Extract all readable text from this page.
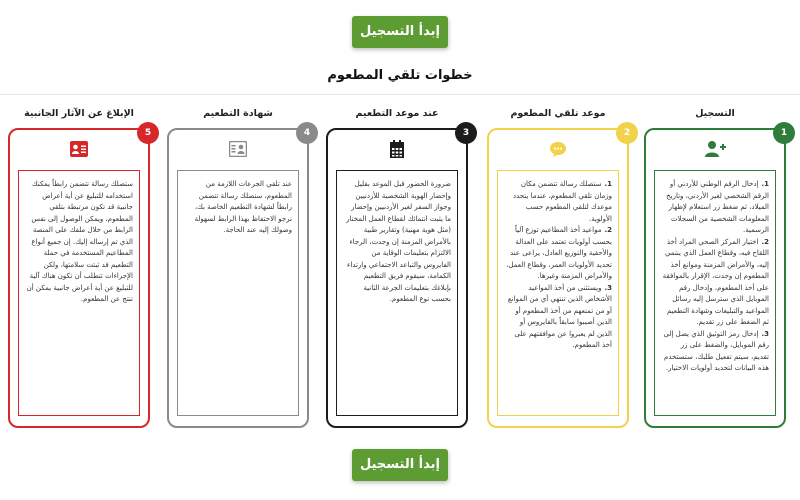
إبدأ التسجيل
خطوات تلقي المطعوم
التسجيل
1
1.إدخال الرقم الوطني للأردني أو الرقم الشخصي لغير الأردني، وتاريخ الميلاد، ثم ضغط زر استعلام لإظهار المعلومات الشخصية من السجلات الرسمية.
2.اختيار المركز الصحي المراد أخذ اللقاح فيه، وقطاع العمل الذي ينتمي إليه، والأمراض المزمنة وموانع أخذ المطعوم إن وجدت، الإقرار بالموافقة على أخذ المطعوم، وإدخال رقم الموبايل الذي سترسل إليه رسائل المواعيد والتبليغات وشهادة التطعيم ثم الضغط على زر تقديم.
3.إدخال رمز التوثيق الذي يصل إلى رقم الموبايل، والضغط على زر تقديم، سيتم تفعيل طلبك، ستستخدم هذه البيانات لتحديد أولويات الاختيار.
موعد تلقي المطعوم
2
1.ستصلك رسالة تتضمن مكان وزمان تلقي المطعوم، عندما يتحدد موعدك لتلقي المطعوم حسب الأولوية.
2.مواعيد أخذ المطاعيم توزع آلياً بحسب أولويات تعتمد على العدالة والأحقية والتوزيع العادل، يراعى عند تحديد الأولويات العمر، وقطاع العمل، والأمراض المزمنة وغيرها.
3.ويستثنى من أخذ المواعيد الأشخاص الذين تنتهي أي من الموانع أو من تمنعهم من أخذ المطعوم أو الذين أصيبوا سابقاً بالفايروس أو الذين لم يعبروا عن موافقتهم على أخذ المطعوم.
عند موعد التطعيم
3

ضرورة الحضور قبل الموعد بقليل وإحضار الهوية الشخصية للأردنيين وجواز السفر لغير الأردنيين وإحضار ما يثبت انتمائك لقطاع العمل المختار (مثل هوية مهنية) وتقارير طبية بالأمراض المزمنة إن وجدت، الرجاء الالتزام بتعليمات الوقاية من الفايروس والتباعد الاجتماعي وارتداء الكمامة، سيقوم فريق التطعيم بإبلاغك بتعليمات الجرعة الثانية بحسب نوع المطعوم.

شهادة التطعيم
4

عند تلقي الجرعات اللازمة من المطعوم، ستصلك رسالة تتضمن رابطاً لشهادة التطعيم الخاصة بك، نرجو الاحتفاظ بهذا الرابط لسهولة وصولك إليه عند الحاجة.

الإبلاغ عن الآثار الجانبية
5

ستصلك رسالة تتضمن رابطاً يمكنك استخدامه للتبليغ عن أية أعراض جانبية قد تكون مرتبطة بتلقي المطعوم، ويمكن الوصول إلى نفس الرابط من خلال ملفك على المنصة الذي تم إرساله إليك. إن جميع أنواع المطاعيم المستخدمة في حملة التطعيم قد ثبتت سلامتها، ولكن الإجراءات تتطلب أن تكون هناك آلية للتبليغ عن أية أعراض جانبية يمكن أن تنتج عن المطعوم.

إبدأ التسجيل
